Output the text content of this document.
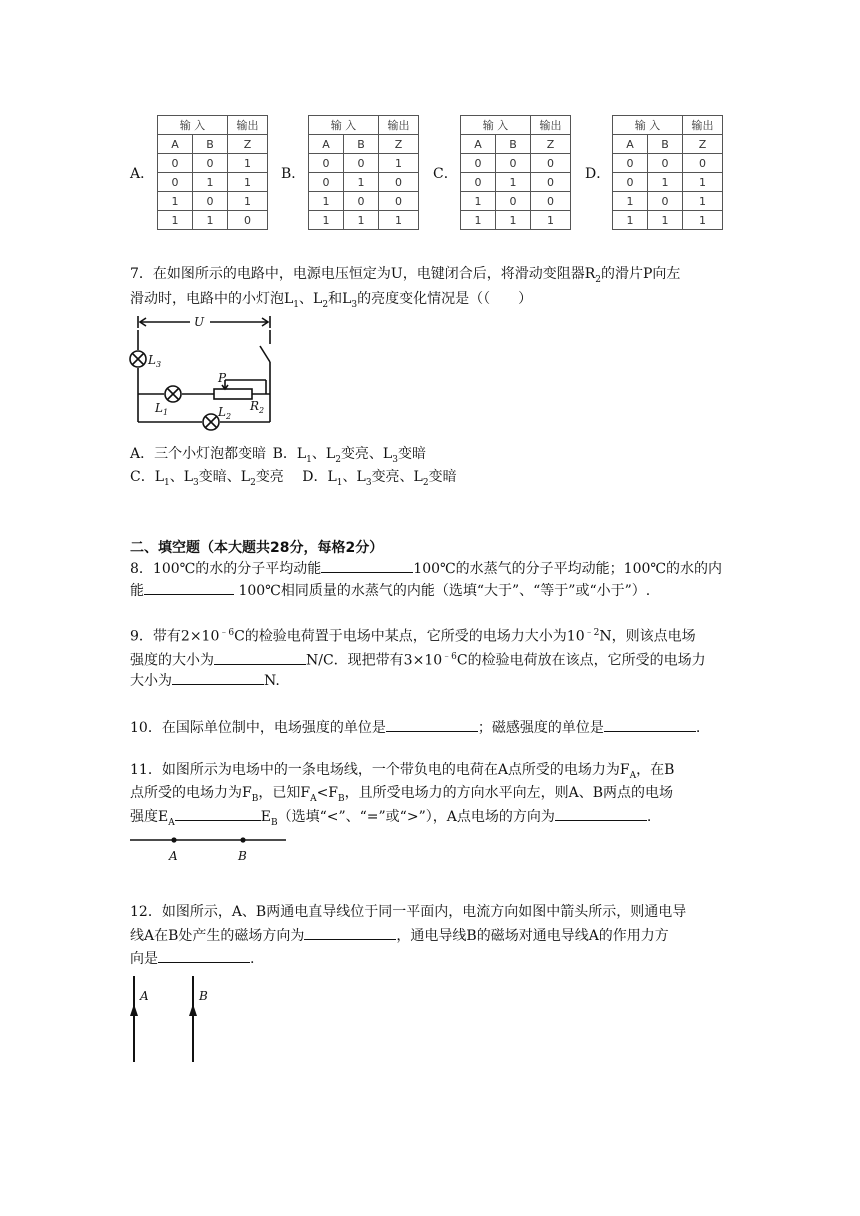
A．	B．	C．	D．
输 入		输出
A	B	Z
0	0	1
0	1	1
1	0	1
1	1	0
输 入		输出
A	B	Z
0	0	1
0	1	0
1	0	0
1	1	1
输 入		输出
A	B	Z
0	0	0
0	1	0
1	0	0
1	1	1
输 入		输出
A	B	Z
0	0	0
0	1	1
1	0	1
1	1	1
7．在如图所示的电路中，电源电压恒定为U，电键闭合后，将滑动变阻器$R_2$的滑片P向左
滑动时，电路中的小灯泡$L_1$、$L_2$和$L_3$的亮度变化情况是（（　　）
U
$L_3$
$L_1$
P
$R_2$
$L_2$
A．三个小灯泡都变暗 B．$L_1$、$L_2$变亮、$L_3$变暗
C．$L_1$、$L_3$变暗、$L_2$变亮 D．$L_1$、$L_3$变亮、$L_2$变暗
二、填空题（本大题共28分，每格2分）
8．100℃的水的分子平均动能	100℃的水蒸气的分子平均动能；100℃的水的内
能	100℃相同质量的水蒸气的内能（选填“大于”、“等于”或“小于”）.
9．带有$2\times 10^{﹣6}C$的检验电荷置于电场中某点，它所受的电场力大小为$10^{﹣2}N$，则该点电场
强度的大小为	N/C．现把带有$3\times 10^{﹣6}C$的检验电荷放在该点，它所受的电场力
大小为	N.
10．在国际单位制中，电场强度的单位是	；磁感强度的单位是	.
11．如图所示为电场中的一条电场线，一个带负电的电荷在A点所受的电场力为$F_A$，在B
点所受的电场力为$F_B$，已知$F_A<F_B$，且所受电场力的方向水平向左，则A、B两点的电场
强度$E_A$	$E_B$（选填“<”、“=”或“>”），A点电场的方向为	.
A	B
12．如图所示，A、B两通电直导线位于同一平面内，电流方向如图中箭头所示，则通电导
线A在B处产生的磁场方向为	，通电导线B的磁场对通电导线A的作用力方
向是	.
A	B
